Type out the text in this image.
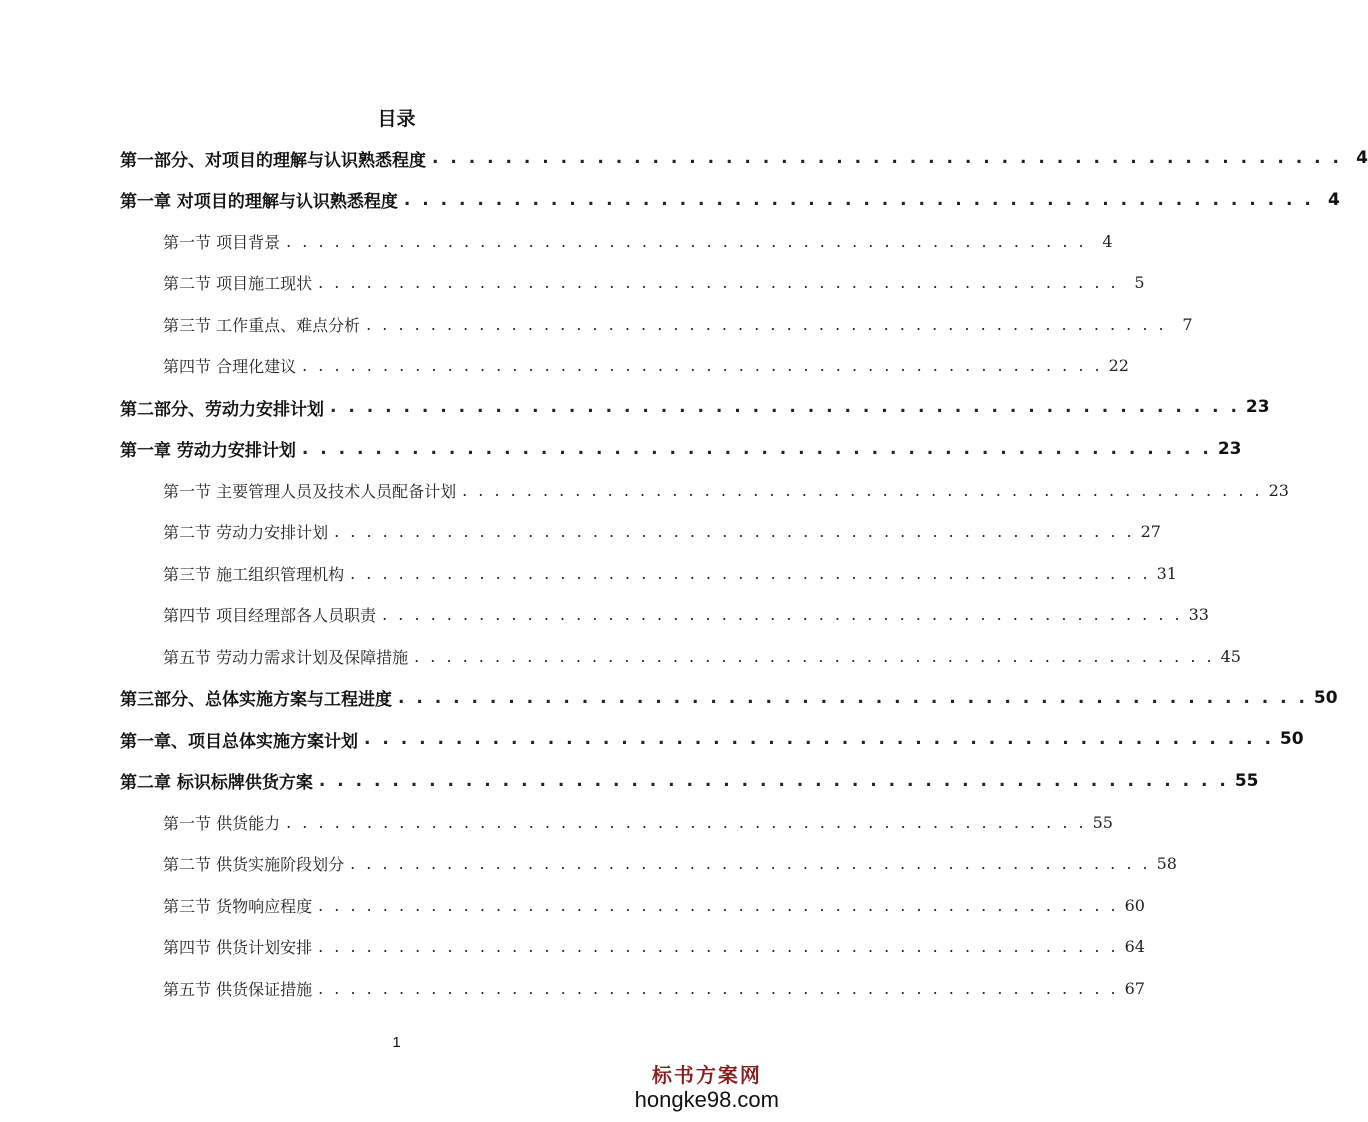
目录
第一部分、对项目的理解与认识熟悉程度 . . . . . . . . . . . . . . . . . . . . . . . . . . . . . . . . . . . . . . . . . . . . . . . . . . 4
第一章 对项目的理解与认识熟悉程度 . . . . . . . . . . . . . . . . . . . . . . . . . . . . . . . . . . . . . . . . . . . . . . . . . . 4
第一节 项目背景 . . . . . . . . . . . . . . . . . . . . . . . . . . . . . . . . . . . . . . . . . . . . . . . . . . 4
第二节 项目施工现状 . . . . . . . . . . . . . . . . . . . . . . . . . . . . . . . . . . . . . . . . . . . . . . . . . . 5
第三节 工作重点、难点分析 . . . . . . . . . . . . . . . . . . . . . . . . . . . . . . . . . . . . . . . . . . . . . . . . . . 7
第四节 合理化建议 . . . . . . . . . . . . . . . . . . . . . . . . . . . . . . . . . . . . . . . . . . . . . . . . . . 22
第二部分、劳动力安排计划 . . . . . . . . . . . . . . . . . . . . . . . . . . . . . . . . . . . . . . . . . . . . . . . . . . 23
第一章 劳动力安排计划 . . . . . . . . . . . . . . . . . . . . . . . . . . . . . . . . . . . . . . . . . . . . . . . . . . 23
第一节 主要管理人员及技术人员配备计划 . . . . . . . . . . . . . . . . . . . . . . . . . . . . . . . . . . . . . . . . . . . . . . . . . . 23
第二节 劳动力安排计划 . . . . . . . . . . . . . . . . . . . . . . . . . . . . . . . . . . . . . . . . . . . . . . . . . . 27
第三节 施工组织管理机构 . . . . . . . . . . . . . . . . . . . . . . . . . . . . . . . . . . . . . . . . . . . . . . . . . . 31
第四节 项目经理部各人员职责 . . . . . . . . . . . . . . . . . . . . . . . . . . . . . . . . . . . . . . . . . . . . . . . . . . 33
第五节 劳动力需求计划及保障措施 . . . . . . . . . . . . . . . . . . . . . . . . . . . . . . . . . . . . . . . . . . . . . . . . . . 45
第三部分、总体实施方案与工程进度 . . . . . . . . . . . . . . . . . . . . . . . . . . . . . . . . . . . . . . . . . . . . . . . . . . 50
第一章、项目总体实施方案计划 . . . . . . . . . . . . . . . . . . . . . . . . . . . . . . . . . . . . . . . . . . . . . . . . . . 50
第二章 标识标牌供货方案 . . . . . . . . . . . . . . . . . . . . . . . . . . . . . . . . . . . . . . . . . . . . . . . . . . 55
第一节 供货能力 . . . . . . . . . . . . . . . . . . . . . . . . . . . . . . . . . . . . . . . . . . . . . . . . . . 55
第二节 供货实施阶段划分 . . . . . . . . . . . . . . . . . . . . . . . . . . . . . . . . . . . . . . . . . . . . . . . . . . 58
第三节 货物响应程度 . . . . . . . . . . . . . . . . . . . . . . . . . . . . . . . . . . . . . . . . . . . . . . . . . . 60
第四节 供货计划安排 . . . . . . . . . . . . . . . . . . . . . . . . . . . . . . . . . . . . . . . . . . . . . . . . . . 64
第五节 供货保证措施 . . . . . . . . . . . . . . . . . . . . . . . . . . . . . . . . . . . . . . . . . . . . . . . . . . 67
1
标书方案网
hongke98.com
